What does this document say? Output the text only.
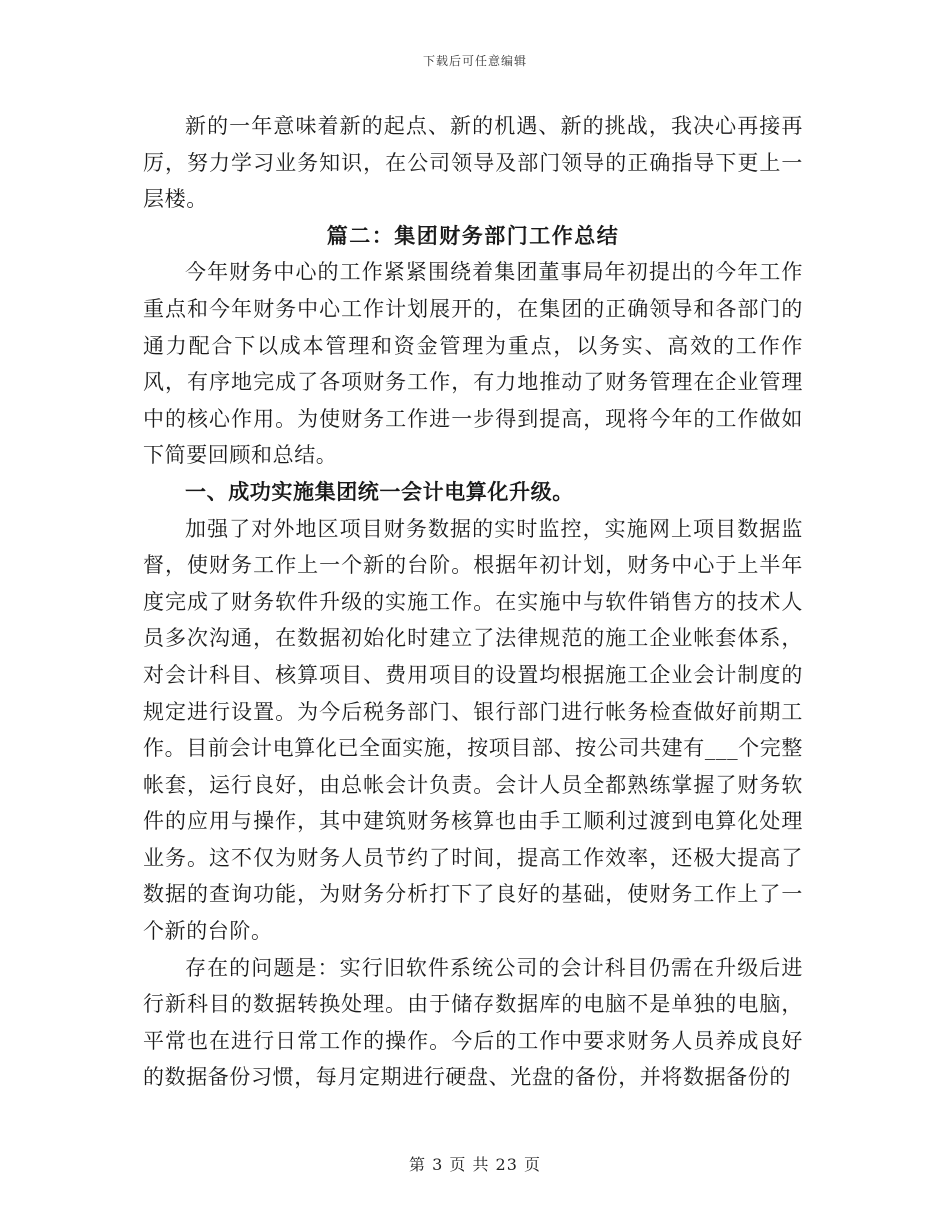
下载后可任意编辑

新的一年意味着新的起点、新的机遇、新的挑战，我决心再接再厉，努力学习业务知识，在公司领导及部门领导的正确指导下更上一层楼。

篇二：集团财务部门工作总结

今年财务中心的工作紧紧围绕着集团董事局年初提出的今年工作重点和今年财务中心工作计划展开的，在集团的正确领导和各部门的通力配合下以成本管理和资金管理为重点，以务实、高效的工作作风，有序地完成了各项财务工作，有力地推动了财务管理在企业管理中的核心作用。为使财务工作进一步得到提高，现将今年的工作做如下简要回顾和总结。

一、成功实施集团统一会计电算化升级。

加强了对外地区项目财务数据的实时监控，实施网上项目数据监督，使财务工作上一个新的台阶。根据年初计划，财务中心于上半年度完成了财务软件升级的实施工作。在实施中与软件销售方的技术人员多次沟通，在数据初始化时建立了法律规范的施工企业帐套体系，对会计科目、核算项目、费用项目的设置均根据施工企业会计制度的规定进行设置。为今后税务部门、银行部门进行帐务检查做好前期工作。目前会计电算化已全面实施，按项目部、按公司共建有___个完整帐套，运行良好，由总帐会计负责。会计人员全都熟练掌握了财务软件的应用与操作，其中建筑财务核算也由手工顺利过渡到电算化处理业务。这不仅为财务人员节约了时间，提高工作效率，还极大提高了数据的查询功能，为财务分析打下了良好的基础，使财务工作上了一个新的台阶。

存在的问题是：实行旧软件系统公司的会计科目仍需在升级后进行新科目的数据转换处理。由于储存数据库的电脑不是单独的电脑，平常也在进行日常工作的操作。今后的工作中要求财务人员养成良好的数据备份习惯，每月定期进行硬盘、光盘的备份，并将数据备份的

第 3 页 共 23 页
